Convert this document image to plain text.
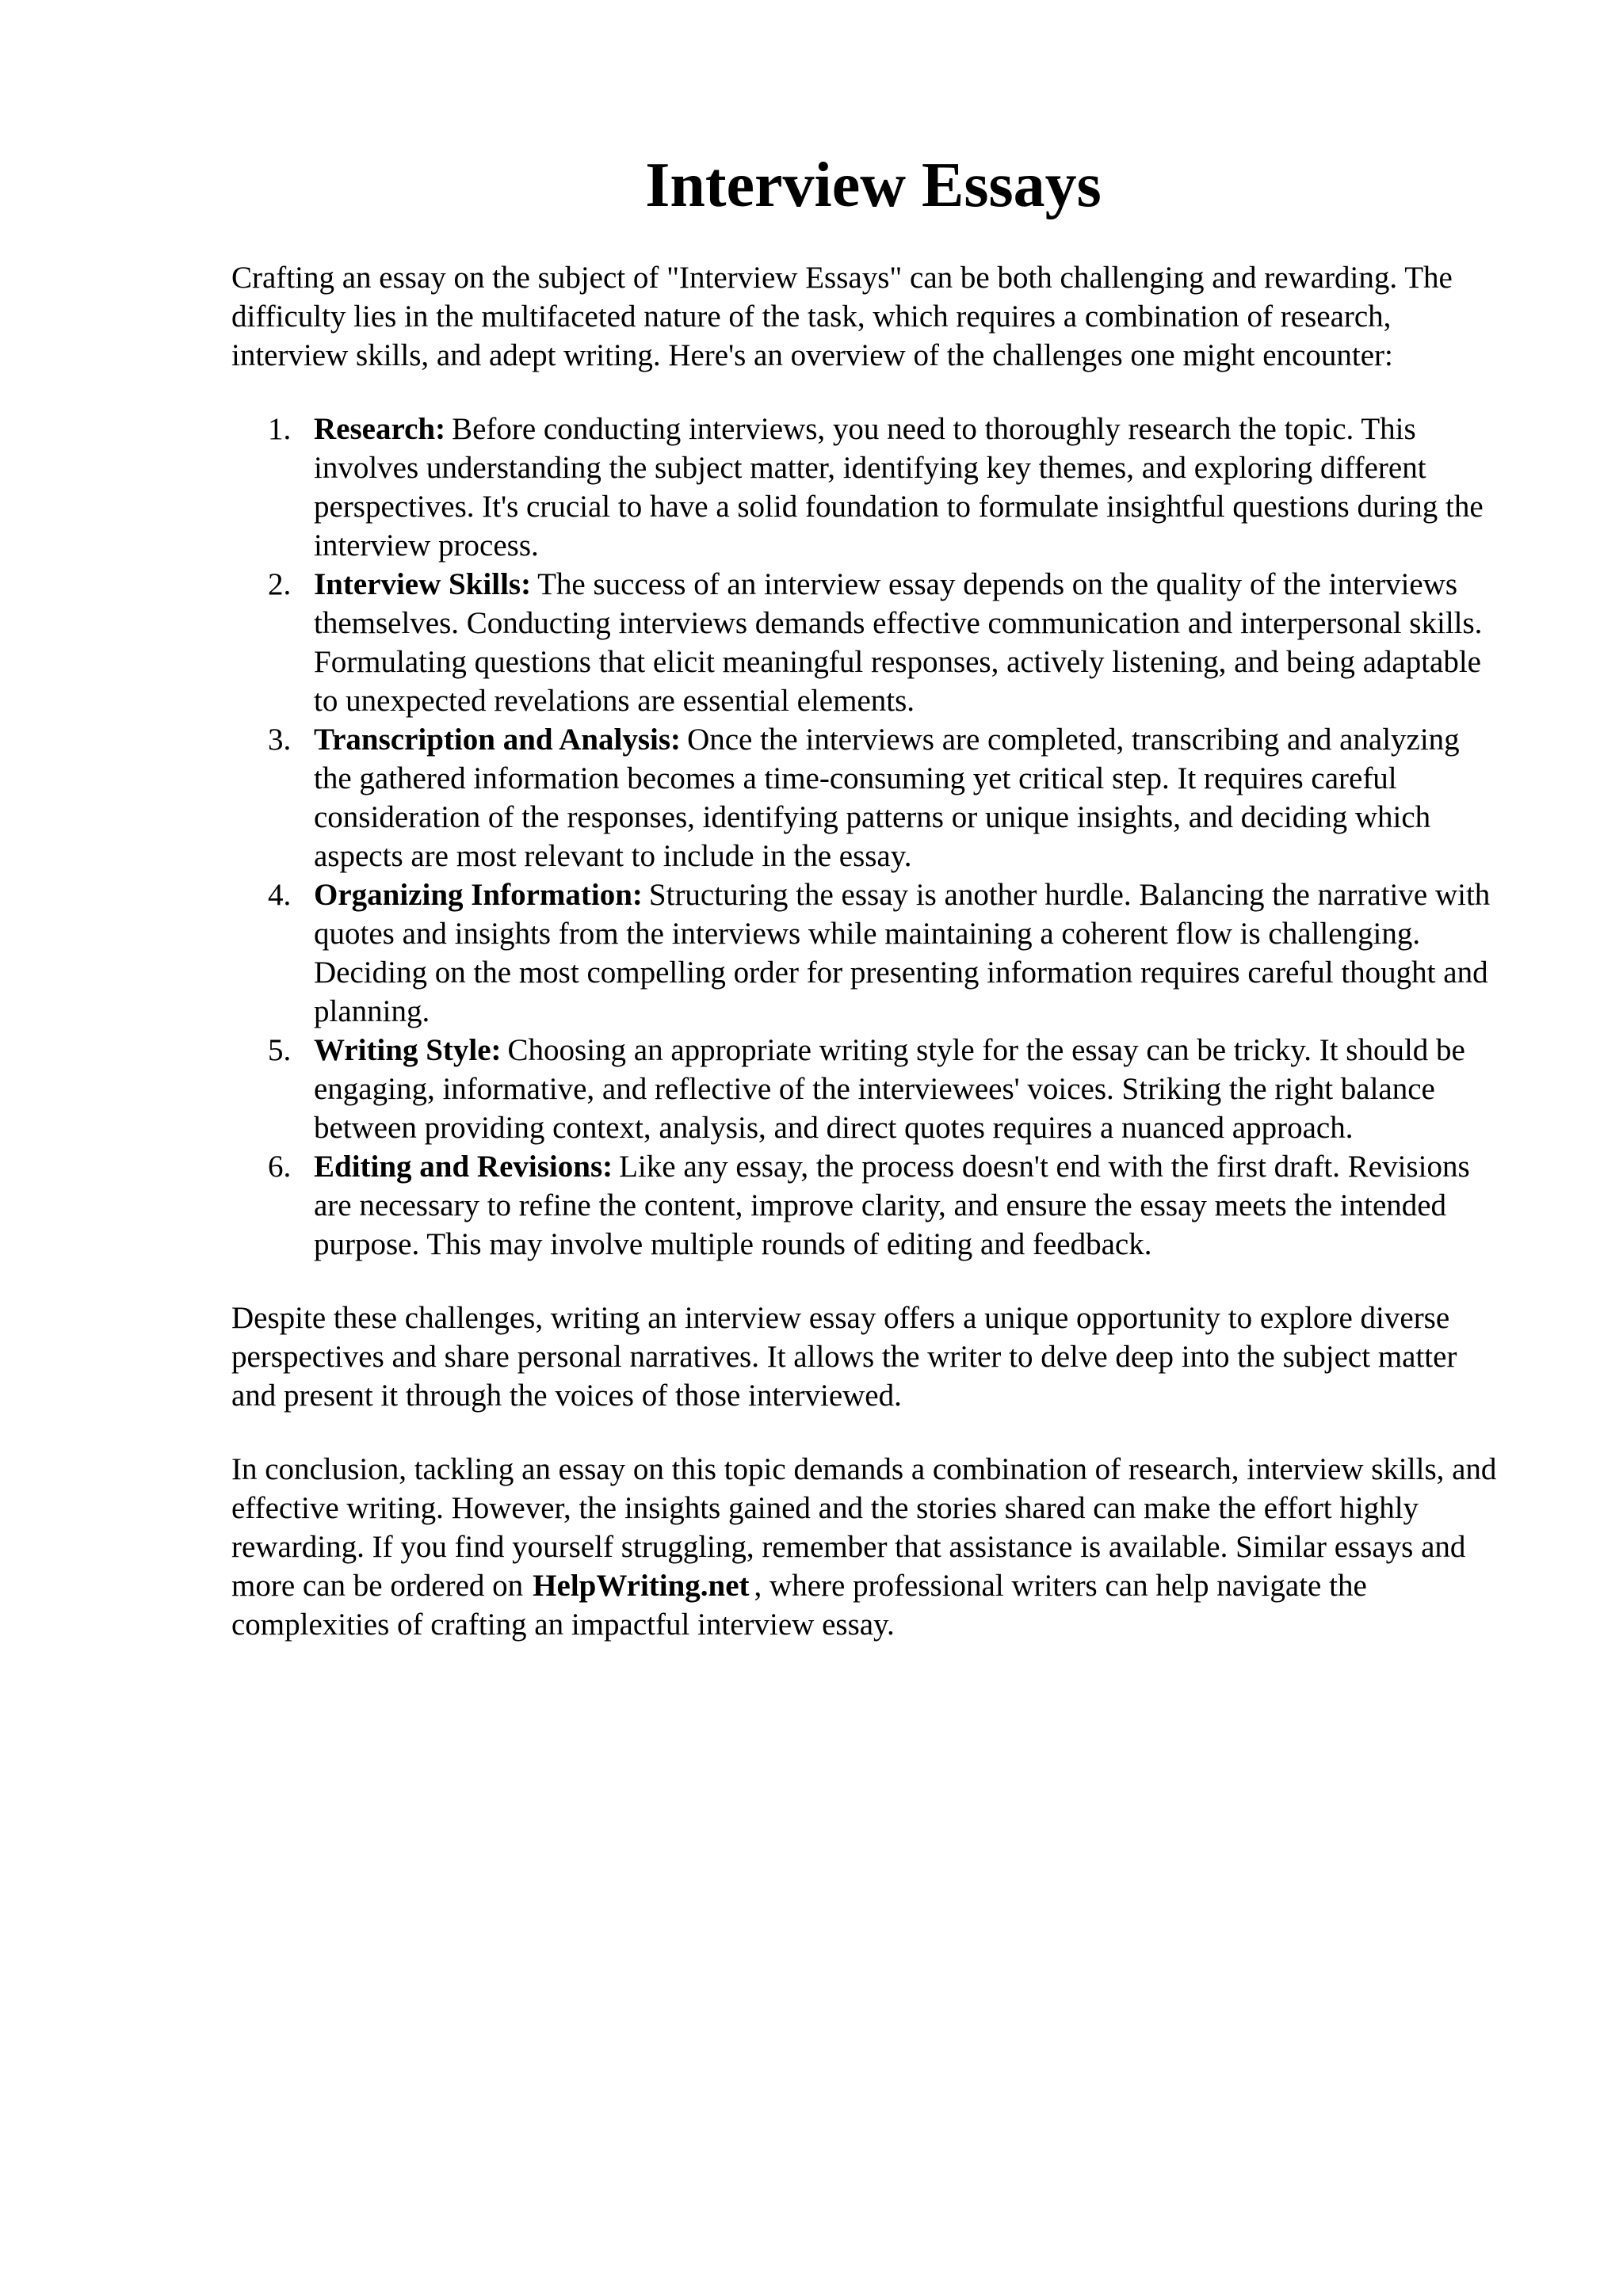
Interview Essays

Crafting an essay on the subject of "Interview Essays" can be both challenging and rewarding. The difficulty lies in the multifaceted nature of the task, which requires a combination of research, interview skills, and adept writing. Here's an overview of the challenges one might encounter:

1. Research: Before conducting interviews, you need to thoroughly research the topic. This involves understanding the subject matter, identifying key themes, and exploring different perspectives. It's crucial to have a solid foundation to formulate insightful questions during the interview process.
2. Interview Skills: The success of an interview essay depends on the quality of the interviews themselves. Conducting interviews demands effective communication and interpersonal skills. Formulating questions that elicit meaningful responses, actively listening, and being adaptable to unexpected revelations are essential elements.
3. Transcription and Analysis: Once the interviews are completed, transcribing and analyzing the gathered information becomes a time-consuming yet critical step. It requires careful consideration of the responses, identifying patterns or unique insights, and deciding which aspects are most relevant to include in the essay.
4. Organizing Information: Structuring the essay is another hurdle. Balancing the narrative with quotes and insights from the interviews while maintaining a coherent flow is challenging. Deciding on the most compelling order for presenting information requires careful thought and planning.
5. Writing Style: Choosing an appropriate writing style for the essay can be tricky. It should be engaging, informative, and reflective of the interviewees' voices. Striking the right balance between providing context, analysis, and direct quotes requires a nuanced approach.
6. Editing and Revisions: Like any essay, the process doesn't end with the first draft. Revisions are necessary to refine the content, improve clarity, and ensure the essay meets the intended purpose. This may involve multiple rounds of editing and feedback.

Despite these challenges, writing an interview essay offers a unique opportunity to explore diverse perspectives and share personal narratives. It allows the writer to delve deep into the subject matter and present it through the voices of those interviewed.

In conclusion, tackling an essay on this topic demands a combination of research, interview skills, and effective writing. However, the insights gained and the stories shared can make the effort highly rewarding. If you find yourself struggling, remember that assistance is available. Similar essays and more can be ordered on HelpWriting.net , where professional writers can help navigate the complexities of crafting an impactful interview essay.
